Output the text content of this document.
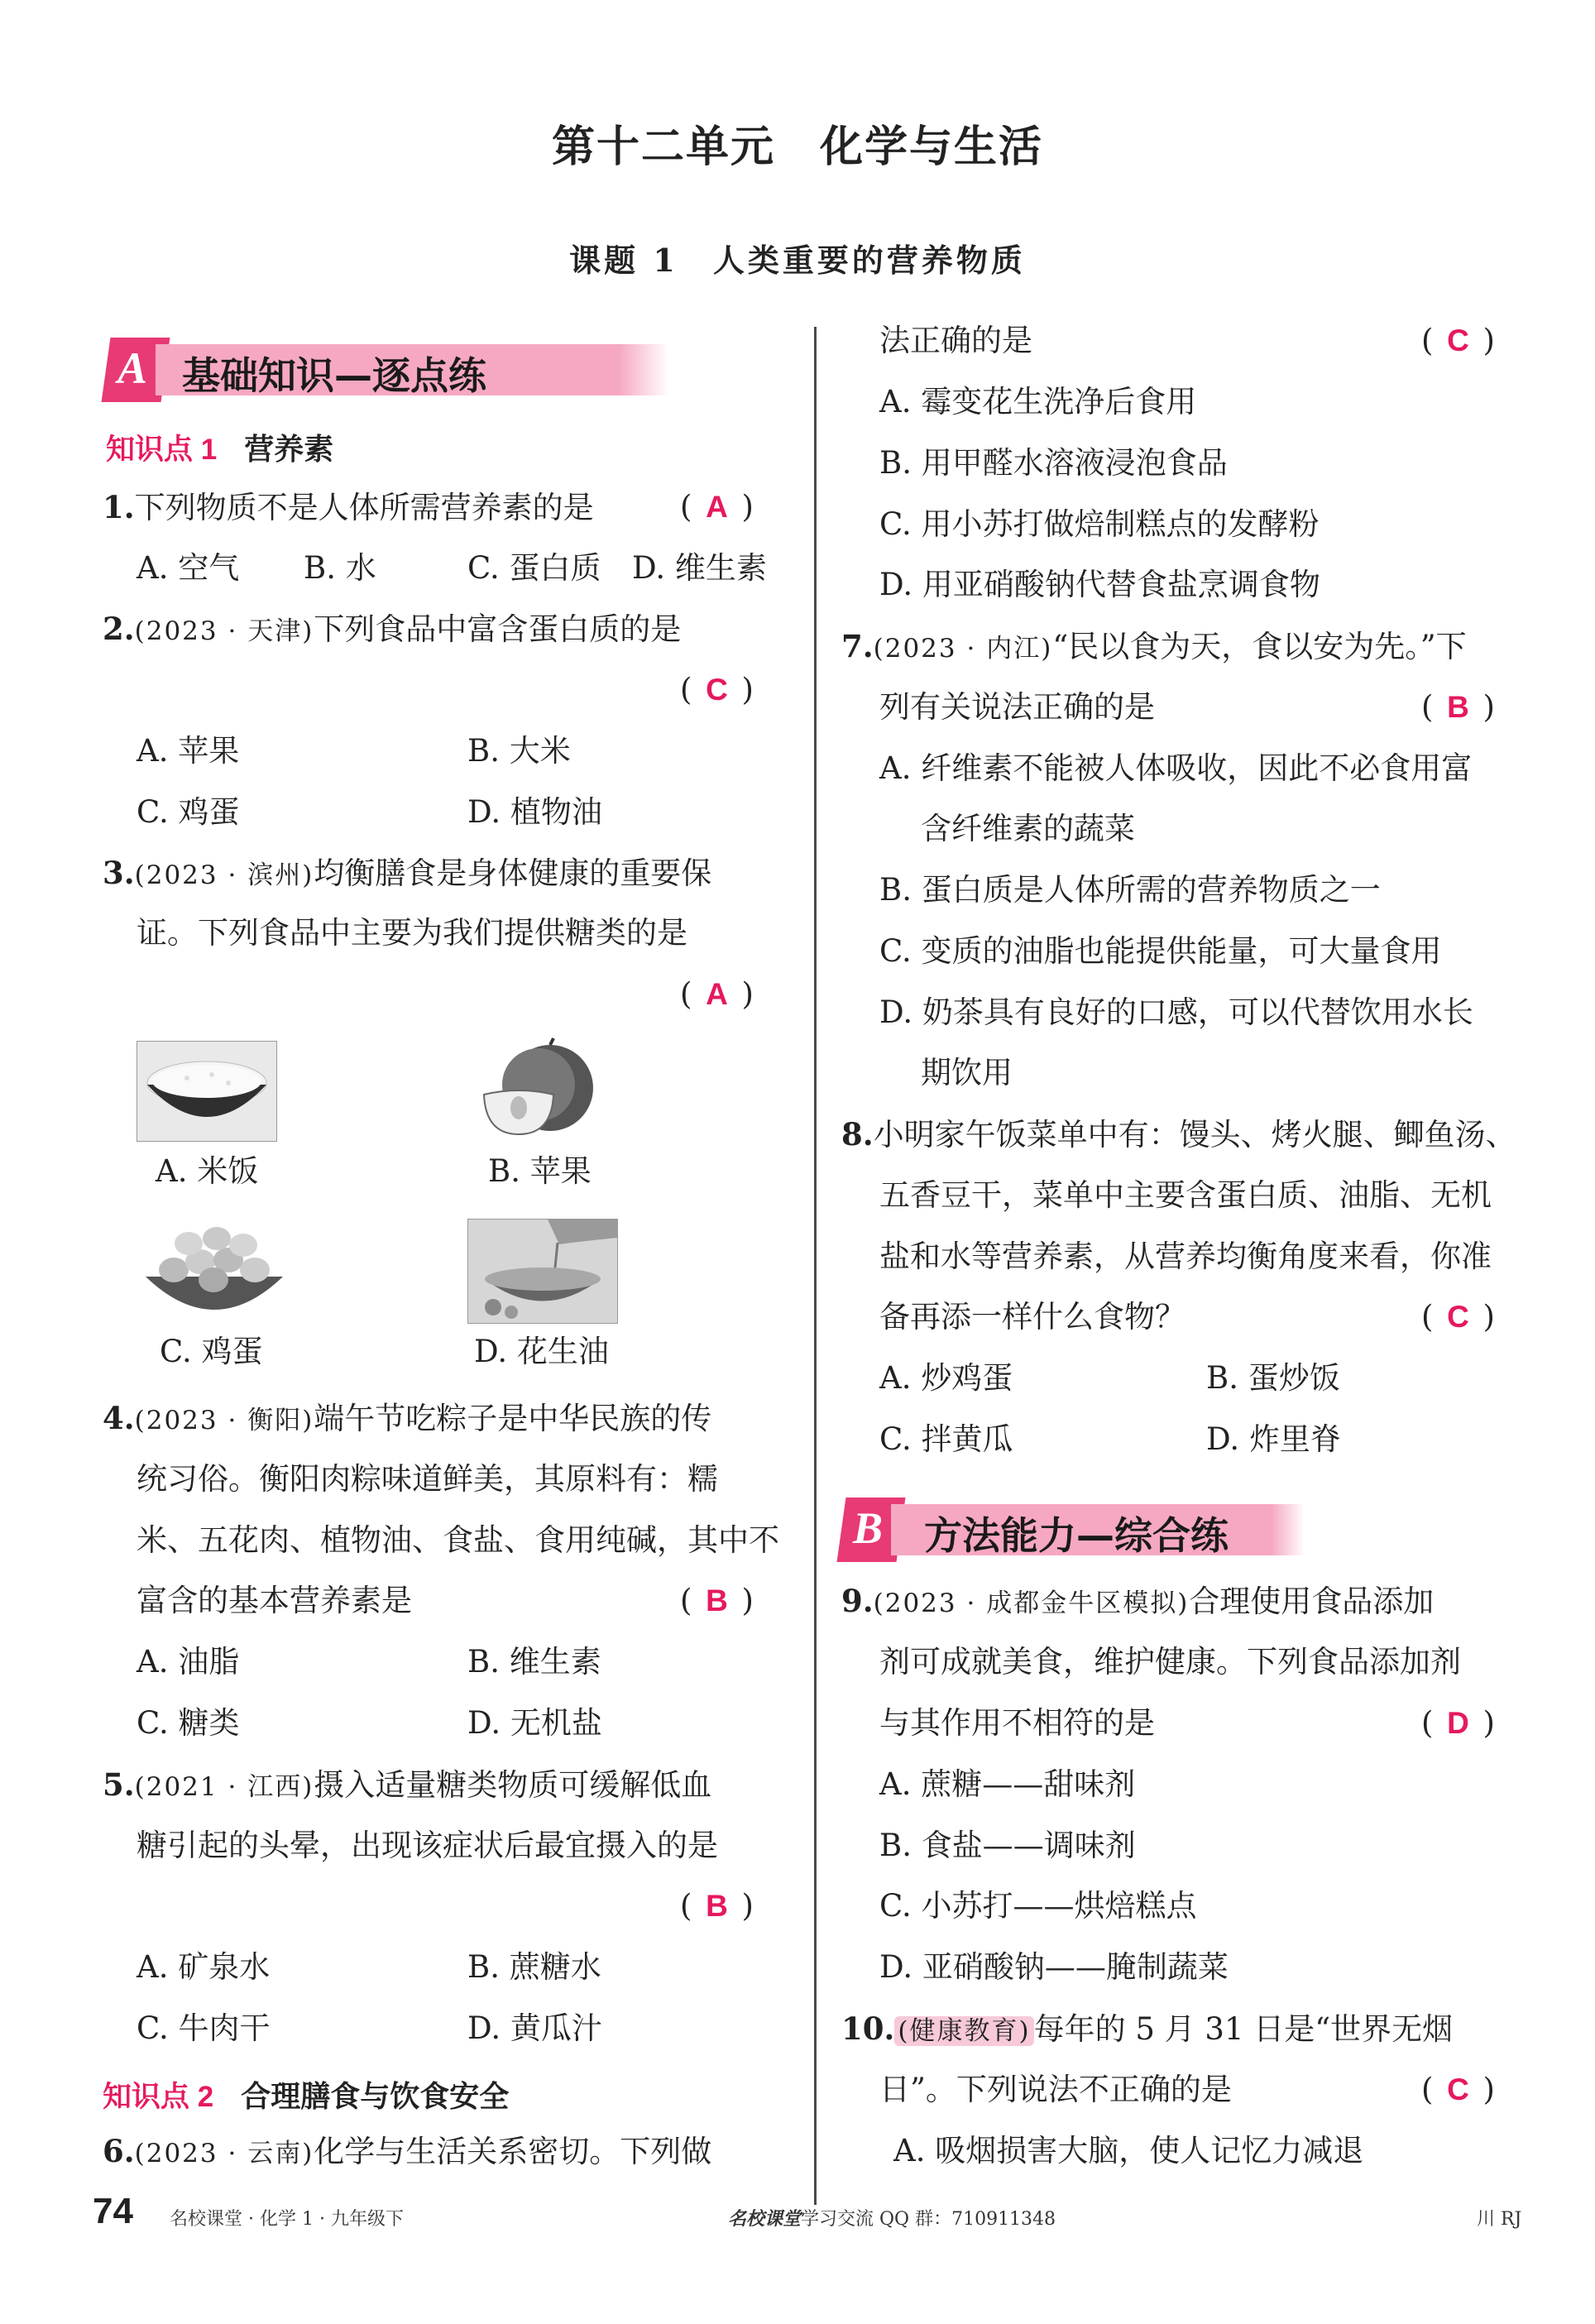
第十二单元　化学与生活
课题 1　人类重要的营养物质
A 基础知识—逐点练
知识点 1 营养素
1.下列物质不是人体所需营养素的是	( A )
A. 空气 B. 水	C. 蛋白质 D. 维生素
2.(2023 · 天津)下列食品中富含蛋白质的是
( C )
A. 苹果	B. 大米
C. 鸡蛋	D. 植物油
3.(2023 · 滨州)均衡膳食是身体健康的重要保
证。下列食品中主要为我们提供糖类的是
( A )
A. 米饭	B. 苹果
C. 鸡蛋	D. 花生油
4.(2023 · 衡阳)端午节吃粽子是中华民族的传
统习俗。衡阳肉粽味道鲜美，其原料有：糯
米、五花肉、植物油、食盐、食用纯碱，其中不
富含的基本营养素是	( B )
A. 油脂	B. 维生素
C. 糖类	D. 无机盐
5.(2021 · 江西)摄入适量糖类物质可缓解低血
糖引起的头晕，出现该症状后最宜摄入的是
( B )
A. 矿泉水	B. 蔗糖水
C. 牛肉干	D. 黄瓜汁
知识点 2 合理膳食与饮食安全
6.(2023 · 云南)化学与生活关系密切。下列做
法正确的是	( C )
A. 霉变花生洗净后食用
B. 用甲醛水溶液浸泡食品
C. 用小苏打做焙制糕点的发酵粉
D. 用亚硝酸钠代替食盐烹调食物
7.(2023 · 内江)“民以食为天，食以安为先。”下
列有关说法正确的是	( B )
A. 纤维素不能被人体吸收，因此不必食用富
含纤维素的蔬菜
B. 蛋白质是人体所需的营养物质之一
C. 变质的油脂也能提供能量，可大量食用
D. 奶茶具有良好的口感，可以代替饮用水长
期饮用
8.小明家午饭菜单中有：馒头、烤火腿、鲫鱼汤、
五香豆干，菜单中主要含蛋白质、油脂、无机
盐和水等营养素，从营养均衡角度来看，你准
备再添一样什么食物？	( C )
A. 炒鸡蛋	B. 蛋炒饭
C. 拌黄瓜	D. 炸里脊
B 方法能力—综合练
9.(2023 · 成都金牛区模拟)合理使用食品添加
剂可成就美食，维护健康。下列食品添加剂
与其作用不相符的是	( D )
A. 蔗糖——甜味剂
B. 食盐——调味剂
C. 小苏打——烘焙糕点
D. 亚硝酸钠——腌制蔬菜
10. (健康教育) 每年的 5 月 31 日是“世界无烟
日”。下列说法不正确的是	( C )
A. 吸烟损害大脑，使人记忆力减退
74 名校课堂 · 化学 1 · 九年级下	名校课堂学习交流 QQ 群：710911348	川 RJ
